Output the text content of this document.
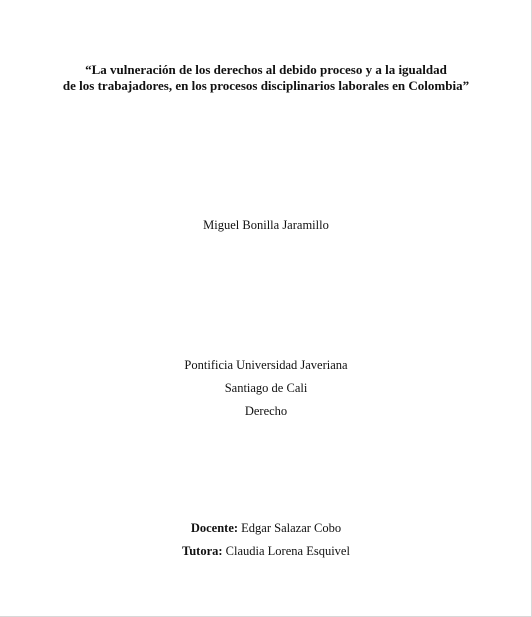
“La vulneración de los derechos al debido proceso y a la igualdad
de los trabajadores, en los procesos disciplinarios laborales en Colombia”
Miguel Bonilla Jaramillo
Pontificia Universidad Javeriana
Santiago de Cali
Derecho
Docente: Edgar Salazar Cobo
Tutora: Claudia Lorena Esquivel
